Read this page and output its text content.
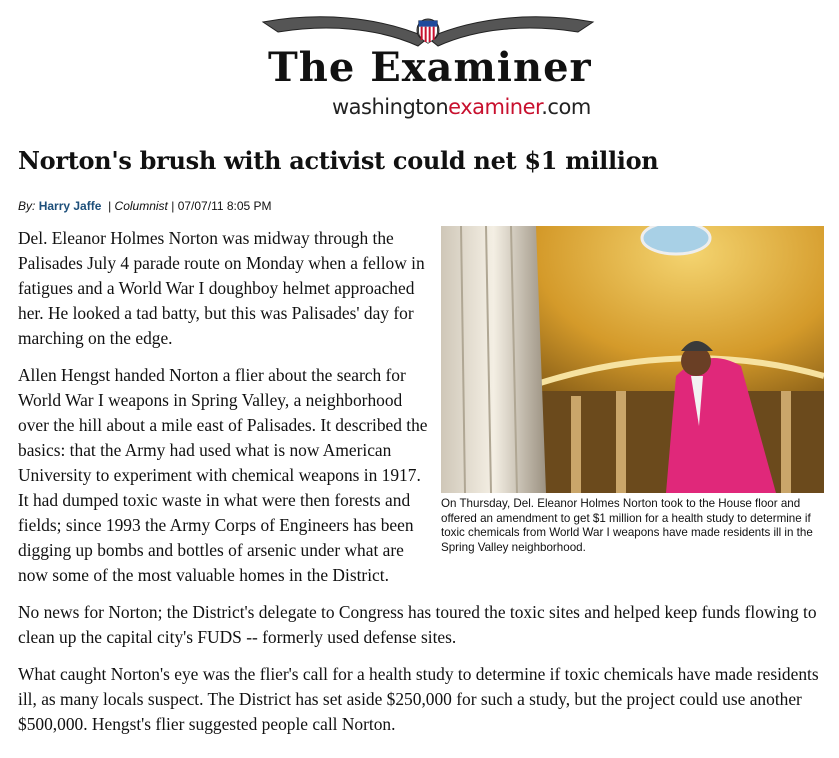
The Examiner
washingtonexaminer.com
Norton's brush with activist could net $1 million
By: Harry Jaffe | Columnist | 07/07/11 8:05 PM
On Thursday, Del. Eleanor Holmes Norton took to the House floor and offered an amendment to get $1 million for a health study to determine if toxic chemicals from World War I weapons have made residents ill in the Spring Valley neighborhood.

Del. Eleanor Holmes Norton was midway through the Palisades July 4 parade route on Monday when a fellow in fatigues and a World War I doughboy helmet approached her. He looked a tad batty, but this was Palisades' day for marching on the edge.

Allen Hengst handed Norton a flier about the search for World War I weapons in Spring Valley, a neighborhood over the hill about a mile east of Palisades. It described the basics: that the Army had used what is now American University to experiment with chemical weapons in 1917. It had dumped toxic waste in what were then forests and fields; since 1993 the Army Corps of Engineers has been digging up bombs and bottles of arsenic under what are now some of the most valuable homes in the District.

No news for Norton; the District's delegate to Congress has toured the toxic sites and helped keep funds flowing to clean up the capital city's FUDS -- formerly used defense sites.

What caught Norton's eye was the flier's call for a health study to determine if toxic chemicals have made residents ill, as many locals suspect. The District has set aside $250,000 for such a study, but the project could use another $500,000. Hengst's flier suggested people call Norton.
